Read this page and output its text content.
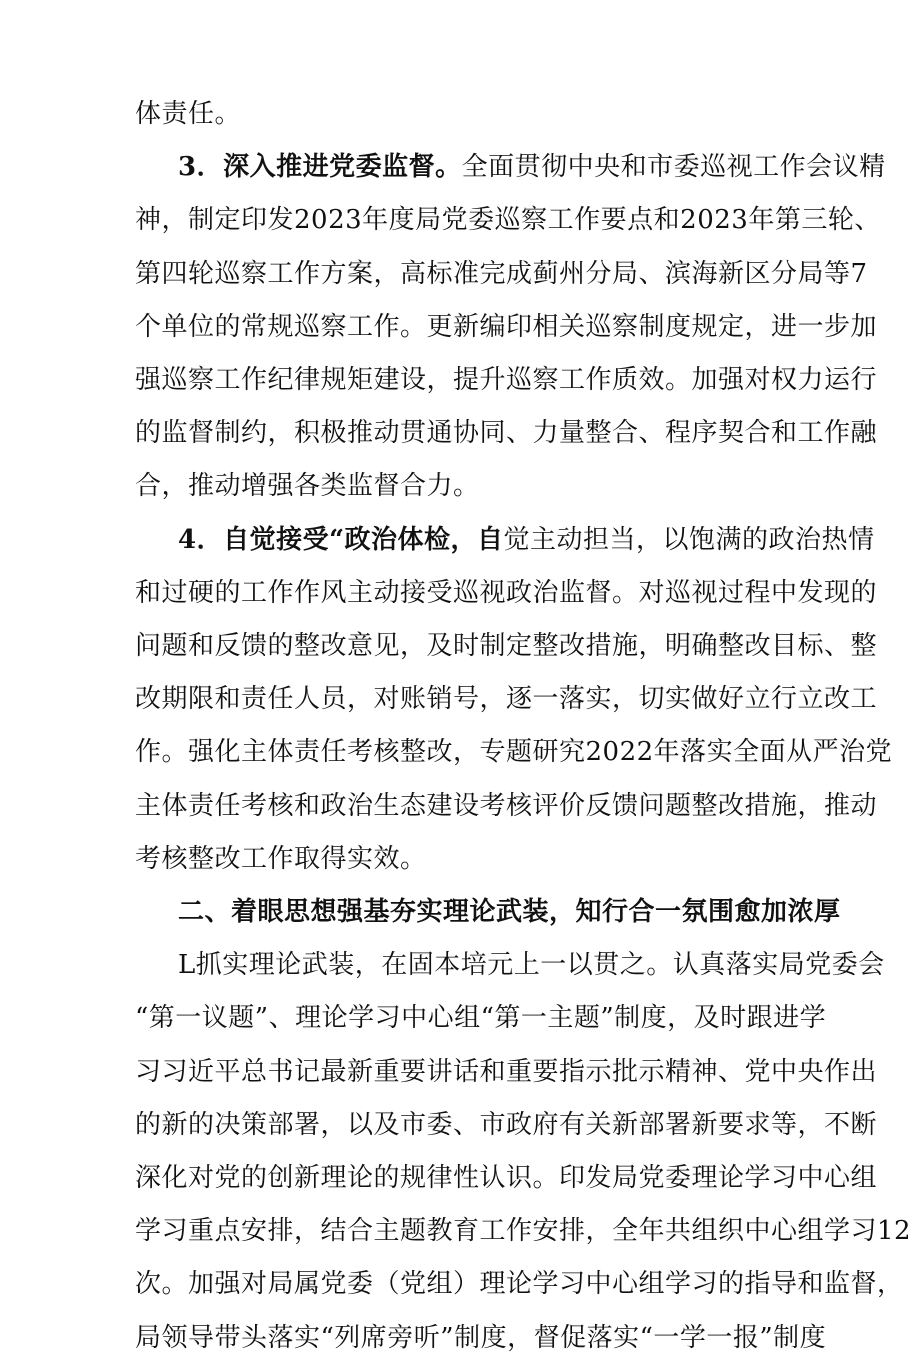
体责任。
3．深入推进党委监督。全面贯彻中央和市委巡视工作会议精
神，制定印发2023年度局党委巡察工作要点和2023年第三轮、
第四轮巡察工作方案，高标准完成蓟州分局、滨海新区分局等7
个单位的常规巡察工作。更新编印相关巡察制度规定，进一步加
强巡察工作纪律规矩建设，提升巡察工作质效。加强对权力运行
的监督制约，积极推动贯通协同、力量整合、程序契合和工作融
合，推动增强各类监督合力。
4．自觉接受“政治体检，自觉主动担当，以饱满的政治热情
和过硬的工作作风主动接受巡视政治监督。对巡视过程中发现的
问题和反馈的整改意见，及时制定整改措施，明确整改目标、整
改期限和责任人员，对账销号，逐一落实，切实做好立行立改工
作。强化主体责任考核整改，专题研究2022年落实全面从严治党
主体责任考核和政治生态建设考核评价反馈问题整改措施，推动
考核整改工作取得实效。
二、着眼思想强基夯实理论武装，知行合一氛围愈加浓厚
L抓实理论武装，在固本培元上一以贯之。认真落实局党委会
“第一议题”、理论学习中心组“第一主题”制度，及时跟进学
习习近平总书记最新重要讲话和重要指示批示精神、党中央作出
的新的决策部署，以及市委、市政府有关新部署新要求等，不断
深化对党的创新理论的规律性认识。印发局党委理论学习中心组
学习重点安排，结合主题教育工作安排，全年共组织中心组学习12
次。加强对局属党委（党组）理论学习中心组学习的指导和监督，
局领导带头落实“列席旁听”制度，督促落实“一学一报”制度
